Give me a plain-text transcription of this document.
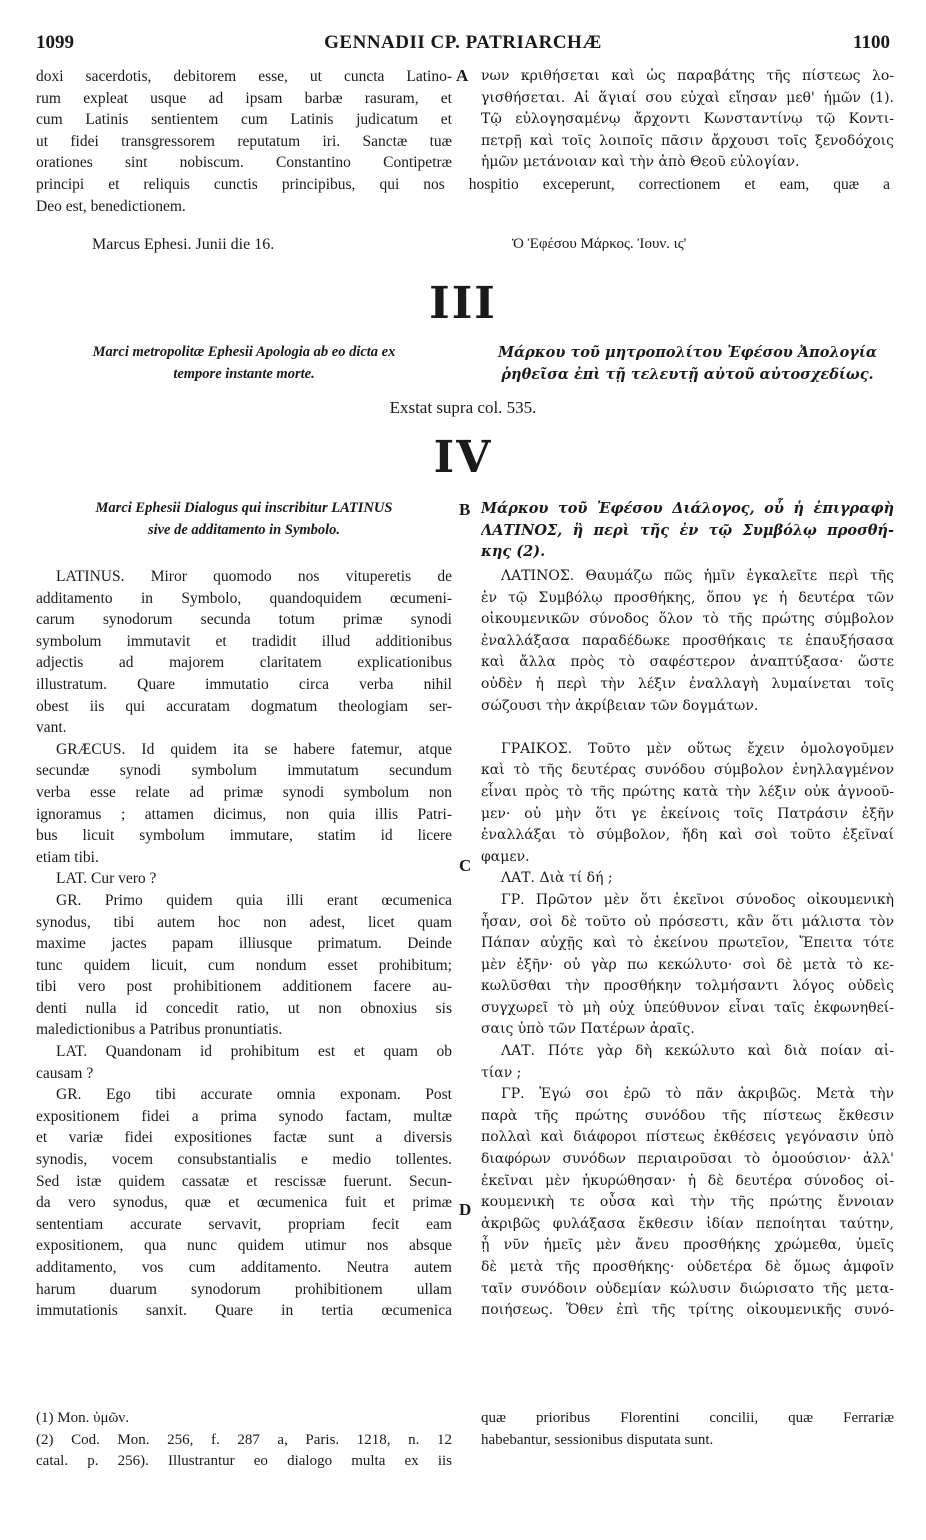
1099	GENNADII CP. PATRIARCHÆ	1100
doxi sacerdotis, debitorem esse, ut cuncta Latino-
rum expleat usque ad ipsam barbæ rasuram, et
cum Latinis sentientem cum Latinis judicatum et
ut fidei transgressorem reputatum iri. Sanctæ tuæ
orationes sint nobiscum. Constantino Contipetræ
A νων κριθήσεται καὶ ὡς παραβάτης τῆς πίστεως λο-
γισθήσεται. Αἱ ἅγιαί σου εὐχαὶ εἴησαν μεθ' ἡμῶν (1).
Τῷ εὐλογησαμένῳ ἄρχοντι Κωνσταντίνῳ τῷ Κοντι-
πετρῇ καὶ τοῖς λοιποῖς πᾶσιν ἄρχουσι τοῖς ξενοδόχοις
ἡμῶν μετάνοιαν καὶ τὴν ἀπὸ Θεοῦ εὐλογίαν.
principi et reliquis cunctis principibus, qui nos hospitio exceperunt, correctionem et eam, quæ a
Deo est, benedictionem.
Marcus Ephesi. Junii die 16.	Ὁ Ἐφέσου Μάρκος. Ἰουν. ις'
III
Marci metropolitæ Ephesii Apologia ab eo dicta ex
tempore instante morte.
Μάρκου τοῦ μητροπολίτου Ἐφέσου Ἀπολογία
ῥηθεῖσα ἐπὶ τῇ τελευτῇ αὐτοῦ αὐτοσχεδίως.
Exstat supra col. 535.
IV
Marci Ephesii Dialogus qui inscribitur LATINUS
sive de additamento in Symbolo.
B Μάρκου τοῦ Ἐφέσου Διάλογος, οὗ ἡ ἐπιγραφὴ
ΛΑΤΙΝΟΣ, ἢ περὶ τῆς ἐν τῷ Συμβόλῳ προσθή-
κης (2).
LATINUS. Miror quomodo nos vituperetis de
additamento in Symbolo, quandoquidem œcumeni-
carum synodorum secunda totum primæ synodi
symbolum immutavit et tradidit illud additionibus
adjectis ad majorem claritatem explicationibus
illustratum. Quare immutatio circa verba nihil
obest iis qui accuratam dogmatum theologiam ser-
vant.
GRÆCUS. Id quidem ita se habere fatemur, atque
secundæ synodi symbolum immutatum secundum
verba esse relate ad primæ synodi symbolum non
ignoramus ; attamen dicimus, non quia illis Patri-
bus licuit symbolum immutare, statim id licere
etiam tibi.
LAT. Cur vero ?
GR. Primo quidem quia illi erant œcumenica
synodus, tibi autem hoc non adest, licet quam
maxime jactes papam illiusque primatum. Deinde
tunc quidem licuit, cum nondum esset prohibitum;
tibi vero post prohibitionem additionem facere au-
denti nulla id concedit ratio, ut non obnoxius sis
maledictionibus a Patribus pronuntiatis.
LAT. Quandonam id prohibitum est et quam ob
causam ?
GR. Ego tibi accurate omnia exponam. Post
expositionem fidei a prima synodo factam, multæ
et variæ fidei expositiones factæ sunt a diversis
synodis, vocem consubstantialis e medio tollentes.
Sed istæ quidem cassatæ et rescissæ fuerunt. Secun-
da vero synodus, quæ et œcumenica fuit et primæ
sententiam accurate servavit, propriam fecit eam
expositionem, qua nunc quidem utimur nos absque
additamento, vos cum additamento. Neutra autem
harum duarum synodorum prohibitionem ullam
immutationis sanxit. Quare in tertia œcumenica
C
D
ΛΑΤΙΝΟΣ. Θαυμάζω πῶς ἡμῖν ἐγκαλεῖτε περὶ τῆς
ἐν τῷ Συμβόλῳ προσθήκης, ὅπου γε ἡ δευτέρα τῶν
οἰκουμενικῶν σύνοδος ὅλον τὸ τῆς πρώτης σύμβολον
ἐναλλάξασα παραδέδωκε προσθήκαις τε ἐπαυξήσασα
καὶ ἄλλα πρὸς τὸ σαφέστερον ἀναπτύξασα· ὥστε
οὐδὲν ἡ περὶ τὴν λέξιν ἐναλλαγὴ λυμαίνεται τοῖς
σώζουσι τὴν ἀκρίβειαν τῶν δογμάτων.
ΓΡΑΙΚΟΣ. Τοῦτο μὲν οὕτως ἔχειν ὁμολογοῦμεν
καὶ τὸ τῆς δευτέρας συνόδου σύμβολον ἐνηλλαγμένον
εἶναι πρὸς τὸ τῆς πρώτης κατὰ τὴν λέξιν οὐκ ἀγνοοῦ-
μεν· οὐ μὴν ὅτι γε ἐκείνοις τοῖς Πατράσιν ἐξῆν
ἐναλλάξαι τὸ σύμβολον, ἤδη καὶ σοὶ τοῦτο ἐξεῖναί
φαμεν.
ΛΑΤ. Διὰ τί δή ;
ΓΡ. Πρῶτον μὲν ὅτι ἐκεῖνοι σύνοδος οἰκουμενικὴ
ἦσαν, σοὶ δὲ τοῦτο οὐ πρόσεστι, κἂν ὅτι μάλιστα τὸν
Πάπαν αὐχῇς καὶ τὸ ἐκείνου πρωτεῖον, Ἔπειτα τότε
μὲν ἐξῆν· οὐ γὰρ πω κεκώλυτο· σοὶ δὲ μετὰ τὸ κε-
κωλῦσθαι τὴν προσθήκην τολμήσαντι λόγος οὐδεὶς
συγχωρεῖ τὸ μὴ οὐχ ὑπεύθυνον εἶναι ταῖς ἐκφωνηθεί-
σαις ὑπὸ τῶν Πατέρων ἀραῖς.
ΛΑΤ. Πότε γὰρ δὴ κεκώλυτο καὶ διὰ ποίαν αἰ-
τίαν ;
ΓΡ. Ἐγώ σοι ἐρῶ τὸ πᾶν ἀκριβῶς. Μετὰ τὴν
παρὰ τῆς πρώτης συνόδου τῆς πίστεως ἔκθεσιν
πολλαὶ καὶ διάφοροι πίστεως ἐκθέσεις γεγόνασιν ὑπὸ
διαφόρων συνόδων περιαιροῦσαι τὸ ὁμοούσιον· ἀλλ'
ἐκεῖναι μὲν ἠκυρώθησαν· ἡ δὲ δευτέρα σύνοδος οἰ-
κουμενικὴ τε οὖσα καὶ τὴν τῆς πρώτης ἔννοιαν
ἀκριβῶς φυλάξασα ἔκθεσιν ἰδίαν πεποίηται ταύτην,
ᾗ νῦν ἡμεῖς μὲν ἄνευ προσθήκης χρώμεθα, ὑμεῖς
δὲ μετὰ τῆς προσθήκης· οὐδετέρα δὲ ὅμως ἀμφοῖν
ταῖν συνόδοιν οὐδεμίαν κώλυσιν διώρισατο τῆς μετα-
ποιήσεως. Ὅθεν ἐπὶ τῆς τρίτης οἰκουμενικῆς συνό-
(1) Mon. ὑμῶν.
(2) Cod. Mon. 256, f. 287 a, Paris. 1218, n. 12
catal. p. 256). Illustrantur eo dialogo multa ex iis
quæ prioribus Florentini concilii, quæ Ferrariæ
habebantur, sessionibus disputata sunt.
